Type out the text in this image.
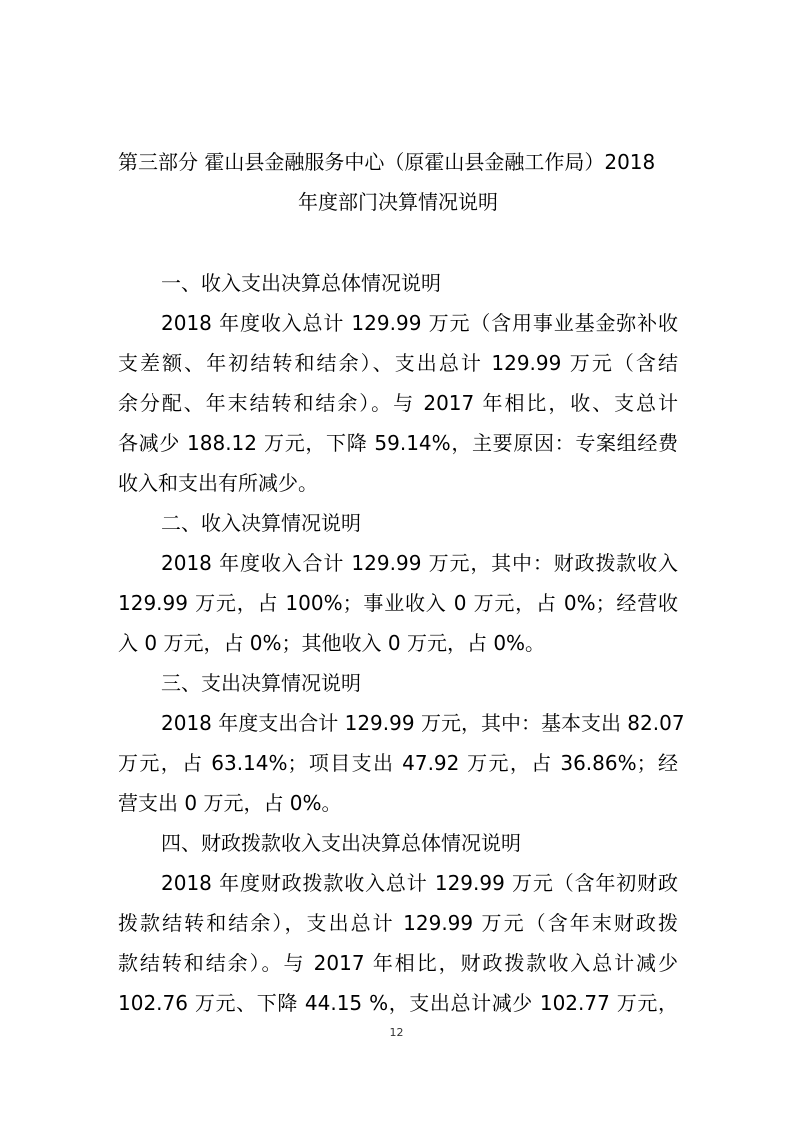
第三部分 霍山县金融服务中心（原霍山县金融工作局）2018
年度部门决算情况说明
一、收入支出决算总体情况说明
2018 年度收入总计 129.99 万元（含用事业基金弥补收
支差额、年初结转和结余）、支出总计 129.99 万元（含结
余分配、年末结转和结余）。与 2017 年相比，收、支总计
各减少 188.12 万元，下降 59.14%，主要原因：专案组经费
收入和支出有所减少。
二、收入决算情况说明
2018 年度收入合计 129.99 万元，其中：财政拨款收入
129.99 万元，占 100%；事业收入 0 万元，占 0%；经营收
入 0 万元，占 0%；其他收入 0 万元，占 0%。
三、支出决算情况说明
2018 年度支出合计 129.99 万元，其中：基本支出 82.07
万元，占 63.14%；项目支出 47.92 万元，占 36.86%；经
营支出 0 万元，占 0%。
四、财政拨款收入支出决算总体情况说明
2018 年度财政拨款收入总计 129.99 万元（含年初财政
拨款结转和结余），支出总计 129.99 万元（含年末财政拨
款结转和结余）。与 2017 年相比，财政拨款收入总计减少
102.76 万元、下降 44.15 %，支出总计减少 102.77 万元，
12
